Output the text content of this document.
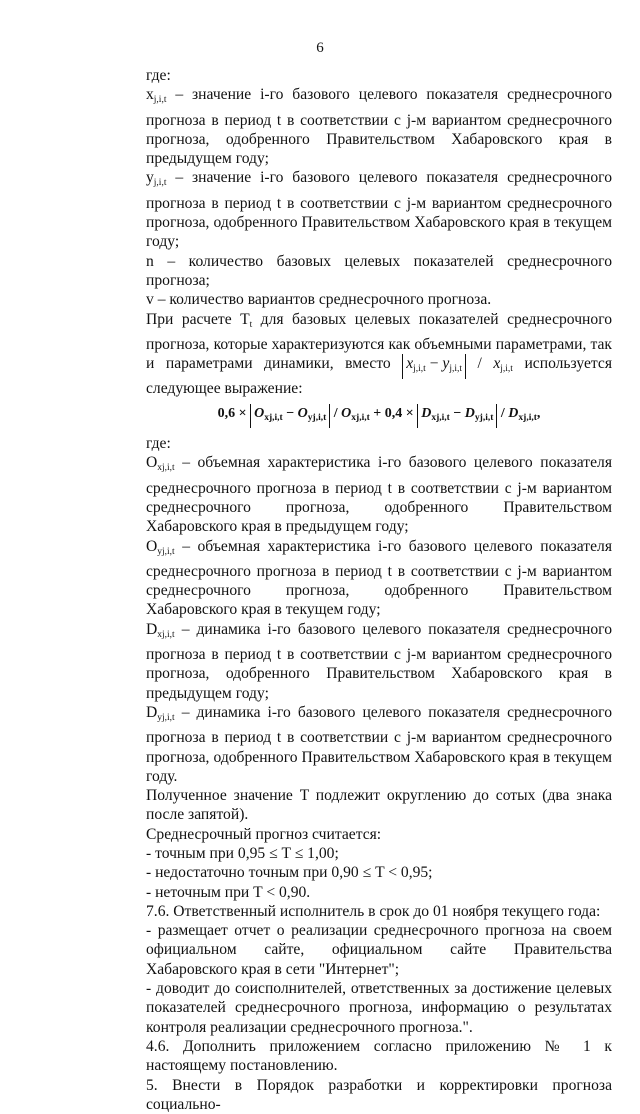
6

где:

$x_{j,i,t}$ – значение i-го базового целевого показателя среднесрочного прогноза в период t в соответствии с j-м вариантом среднесрочного прогноза, одобренного Правительством Хабаровского края в предыдущем году;

$y_{j,i,t}$ – значение i-го базового целевого показателя среднесрочного прогноза в период t в соответствии с j-м вариантом среднесрочного прогноза, одобренного Правительством Хабаровского края в текущем году;

n – количество базовых целевых показателей среднесрочного прогноза;

v – количество вариантов среднесрочного прогноза.

При расчете $T_t$ для базовых целевых показателей среднесрочного прогноза, которые характеризуются как объемными параметрами, так и параметрами динамики, вместо $x_{j,i,t} - y_{j,i,t} / x_{j,i,t}$ используется следующее выражение:

$0,6 \times O_{xj,i,t} - O_{yj,i,t} / O_{xj,i,t} + 0,4 \times D_{xj,i,t} - D_{yj,i,t} / D_{xj,i,t}$,

где:

$O_{xj,i,t}$ – объемная характеристика i-го базового целевого показателя среднесрочного прогноза в период t в соответствии с j-м вариантом среднесрочного прогноза, одобренного Правительством Хабаровского края в предыдущем году;

$O_{yj,i,t}$ – объемная характеристика i-го базового целевого показателя среднесрочного прогноза в период t в соответствии с j-м вариантом среднесрочного прогноза, одобренного Правительством Хабаровского края в текущем году;

$D_{xj,i,t}$ – динамика i-го базового целевого показателя среднесрочного прогноза в период t в соответствии с j-м вариантом среднесрочного прогноза, одобренного Правительством Хабаровского края в предыдущем году;

$D_{yj,i,t}$ – динамика i-го базового целевого показателя среднесрочного прогноза в период t в соответствии с j-м вариантом среднесрочного прогноза, одобренного Правительством Хабаровского края в текущем году.

Полученное значение T подлежит округлению до сотых (два знака после запятой).

Среднесрочный прогноз считается:

- точным при 0,95 ≤ T ≤ 1,00;

- недостаточно точным при 0,90 ≤ T < 0,95;

- неточным при T < 0,90.

7.6. Ответственный исполнитель в срок до 01 ноября текущего года:

- размещает отчет о реализации среднесрочного прогноза на своем официальном сайте, официальном сайте Правительства Хабаровского края в сети "Интернет";

- доводит до соисполнителей, ответственных за достижение целевых показателей среднесрочного прогноза, информацию о результатах контроля реализации среднесрочного прогноза.".

4.6. Дополнить приложением согласно приложению № 1 к настоящему постановлению.

5. Внести в Порядок разработки и корректировки прогноза социально-
